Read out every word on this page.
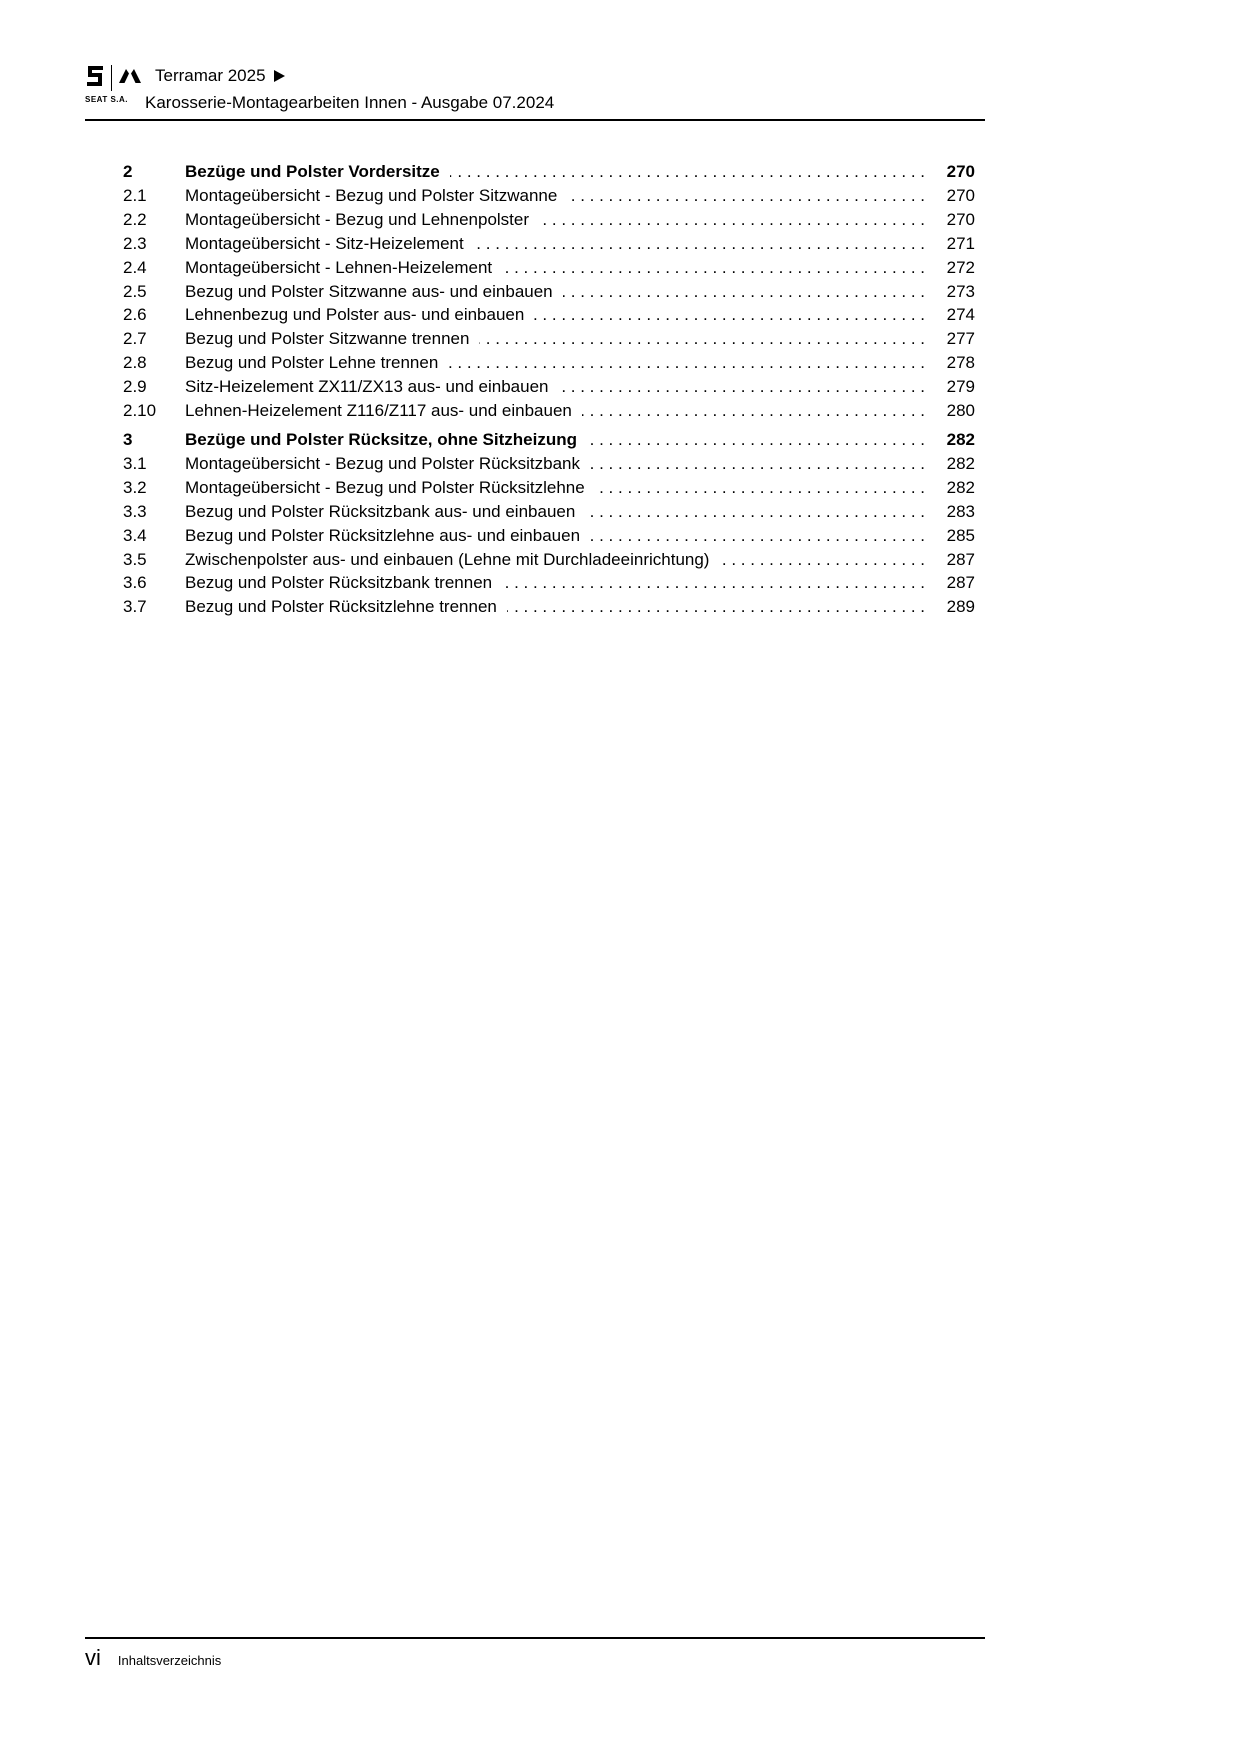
SEAT S.A.
Terramar 2025
Karosserie-Montagearbeiten Innen - Ausgabe 07.2024
2	Bezüge und Polster Vordersitze . . .	270
2.1	Montageübersicht - Bezug und Polster Sitzwanne . . .	270
2.2	Montageübersicht - Bezug und Lehnenpolster . . .	270
2.3	Montageübersicht - Sitz-Heizelement . . .	271
2.4	Montageübersicht - Lehnen-Heizelement . . .	272
2.5	Bezug und Polster Sitzwanne aus- und einbauen . . .	273
2.6	Lehnenbezug und Polster aus- und einbauen . . .	274
2.7	Bezug und Polster Sitzwanne trennen . . .	277
2.8	Bezug und Polster Lehne trennen . . .	278
2.9	Sitz-Heizelement ZX11/ZX13 aus- und einbauen . . .	279
2.10	Lehnen-Heizelement Z116/Z117 aus- und einbauen . . .	280
3	Bezüge und Polster Rücksitze, ohne Sitzheizung . . .	282
3.1	Montageübersicht - Bezug und Polster Rücksitzbank . . .	282
3.2	Montageübersicht - Bezug und Polster Rücksitzlehne . . .	282
3.3	Bezug und Polster Rücksitzbank aus- und einbauen . . .	283
3.4	Bezug und Polster Rücksitzlehne aus- und einbauen . . .	285
3.5	Zwischenpolster aus- und einbauen (Lehne mit Durchladeeinrichtung) . . .	287
3.6	Bezug und Polster Rücksitzbank trennen . . .	287
3.7	Bezug und Polster Rücksitzlehne trennen . . .	289
vi Inhaltsverzeichnis
